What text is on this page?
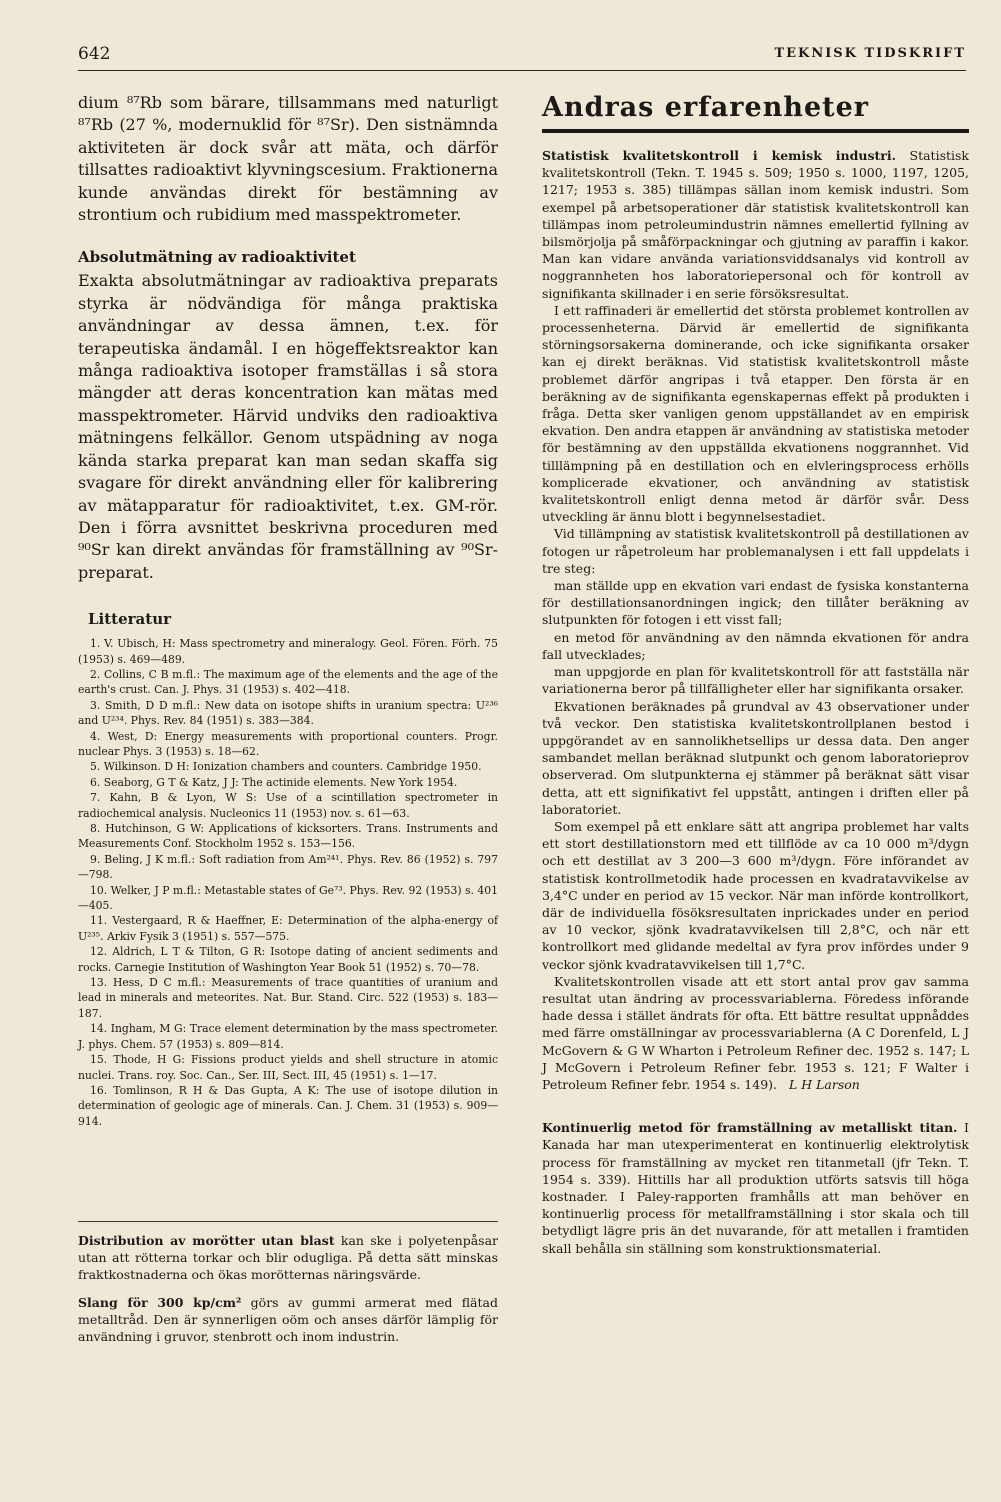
642	TEKNISK TIDSKRIFT

dium ⁸⁷Rb som bärare, tillsammans med naturligt ⁸⁷Rb (27 %, modernuklid för ⁸⁷Sr). Den sistnämnda aktiviteten är dock svår att mäta, och därför tillsattes radioaktivt klyvningscesium. Fraktionerna kunde användas direkt för bestämning av strontium och rubidium med masspektrometer.

Absolutmätning av radioaktivitet

Exakta absolutmätningar av radioaktiva preparats styrka är nödvändiga för många praktiska användningar av dessa ämnen, t.ex. för terapeutiska ändamål. I en högeffektsreaktor kan många radioaktiva isotoper framställas i så stora mängder att deras koncentration kan mätas med masspektrometer. Härvid undviks den radioaktiva mätningens felkällor. Genom utspädning av noga kända starka preparat kan man sedan skaffa sig svagare för direkt användning eller för kalibrering av mätapparatur för radioaktivitet, t.ex. GM-rör. Den i förra avsnittet beskrivna proceduren med ⁹⁰Sr kan direkt användas för framställning av ⁹⁰Sr-preparat.

Litteratur
1. V. Ubisch, H: Mass spectrometry and mineralogy. Geol. Fören. Förh. 75 (1953) s. 469—489.
2. Collins, C B m.fl.: The maximum age of the elements and the age of the earth's crust. Can. J. Phys. 31 (1953) s. 402—418.
3. Smith, D D m.fl.: New data on isotope shifts in uranium spectra: U²³⁶ and U²³⁴. Phys. Rev. 84 (1951) s. 383—384.
4. West, D: Energy measurements with proportional counters. Progr. nuclear Phys. 3 (1953) s. 18—62.
5. Wilkinson. D H: Ionization chambers and counters. Cambridge 1950.
6. Seaborg, G T & Katz, J J: The actinide elements. New York 1954.
7. Kahn, B & Lyon, W S: Use of a scintillation spectrometer in radiochemical analysis. Nucleonics 11 (1953) nov. s. 61—63.
8. Hutchinson, G W: Applications of kicksorters. Trans. Instruments and Measurements Conf. Stockholm 1952 s. 153—156.
9. Beling, J K m.fl.: Soft radiation from Am²⁴¹. Phys. Rev. 86 (1952) s. 797—798.
10. Welker, J P m.fl.: Metastable states of Ge⁷³. Phys. Rev. 92 (1953) s. 401—405.
11. Vestergaard, R & Haeffner, E: Determination of the alpha-energy of U²³⁵. Arkiv Fysik 3 (1951) s. 557—575.
12. Aldrich, L T & Tilton, G R: Isotope dating of ancient sediments and rocks. Carnegie Institution of Washington Year Book 51 (1952) s. 70—78.
13. Hess, D C m.fl.: Measurements of trace quantities of uranium and lead in minerals and meteorites. Nat. Bur. Stand. Circ. 522 (1953) s. 183—187.
14. Ingham, M G: Trace element determination by the mass spectrometer. J. phys. Chem. 57 (1953) s. 809—814.
15. Thode, H G: Fissions product yields and shell structure in atomic nuclei. Trans. roy. Soc. Can., Ser. III, Sect. III, 45 (1951) s. 1—17.
16. Tomlinson, R H & Das Gupta, A K: The use of isotope dilution in determination of geologic age of minerals. Can. J. Chem. 31 (1953) s. 909—914.

Distribution av morötter utan blast kan ske i polyetenpåsar utan att rötterna torkar och blir odugliga. På detta sätt minskas fraktkostnaderna och ökas morötternas näringsvärde.

Slang för 300 kp/cm² görs av gummi armerat med flätad metalltråd. Den är synnerligen oöm och anses därför lämplig för användning i gruvor, stenbrott och inom industrin.

Andras erfarenheter

Statistisk kvalitetskontroll i kemisk industri. Statistisk kvalitetskontroll (Tekn. T. 1945 s. 509; 1950 s. 1000, 1197, 1205, 1217; 1953 s. 385) tillämpas sällan inom kemisk industri. Som exempel på arbetsoperationer där statistisk kvalitetskontroll kan tillämpas inom petroleumindustrin nämnes emellertid fyllning av bilsmörjolja på småförpackningar och gjutning av paraffin i kakor. Man kan vidare använda variationsviddsanalys vid kontroll av noggrannheten hos laboratoriepersonal och för kontroll av signifikanta skillnader i en serie försöksresultat.

I ett raffinaderi är emellertid det största problemet kontrollen av processenheterna. Därvid är emellertid de signifikanta störningsorsakerna dominerande, och icke signifikanta orsaker kan ej direkt beräknas. Vid statistisk kvalitetskontroll måste problemet därför angripas i två etapper. Den första är en beräkning av de signifikanta egenskapernas effekt på produkten i fråga. Detta sker vanligen genom uppställandet av en empirisk ekvation. Den andra etappen är användning av statistiska metoder för bestämning av den uppställda ekvationens noggrannhet. Vid tilllämpning på en destillation och en elvleringsprocess erhölls komplicerade ekvationer, och användning av statistisk kvalitetskontroll enligt denna metod är därför svår. Dess utveckling är ännu blott i begynnelsestadiet.

Vid tillämpning av statistisk kvalitetskontroll på destillationen av fotogen ur råpetroleum har problemanalysen i ett fall uppdelats i tre steg:

man ställde upp en ekvation vari endast de fysiska konstanterna för destillationsanordningen ingick; den tillåter beräkning av slutpunkten för fotogen i ett visst fall;

en metod för användning av den nämnda ekvationen för andra fall utvecklades;

man uppgjorde en plan för kvalitetskontroll för att fastställa när variationerna beror på tillfälligheter eller har signifikanta orsaker.

Ekvationen beräknades på grundval av 43 observationer under två veckor. Den statistiska kvalitetskontrollplanen bestod i uppgörandet av en sannolikhetsellips ur dessa data. Den anger sambandet mellan beräknad slutpunkt och genom laboratorieprov observerad. Om slutpunkterna ej stämmer på beräknat sätt visar detta, att ett signifikativt fel uppstått, antingen i driften eller på laboratoriet.

Som exempel på ett enklare sätt att angripa problemet har valts ett stort destillationstorn med ett tillflöde av ca 10 000 m³/dygn och ett destillat av 3 200—3 600 m³/dygn. Före införandet av statistisk kontrollmetodik hade processen en kvadratavvikelse av 3,4°C under en period av 15 veckor. När man införde kontrollkort, där de individuella fösöksresultaten inprickades under en period av 10 veckor, sjönk kvadratavvikelsen till 2,8°C, och när ett kontrollkort med glidande medeltal av fyra prov infördes under 9 veckor sjönk kvadratavvikelsen till 1,7°C.

Kvalitetskontrollen visade att ett stort antal prov gav samma resultat utan ändring av processvariablerna. Föredess införande hade dessa i stället ändrats för ofta. Ett bättre resultat uppnåddes med färre omställningar av processvariablerna (A C Dorenfeld, L J McGovern & G W Wharton i Petroleum Refiner dec. 1952 s. 147; L J McGovern i Petroleum Refiner febr. 1953 s. 121; F Walter i Petroleum Refiner febr. 1954 s. 149). L H Larson

Kontinuerlig metod för framställning av metalliskt titan. I Kanada har man utexperimenterat en kontinuerlig elektrolytisk process för framställning av mycket ren titanmetall (jfr Tekn. T. 1954 s. 339). Hittills har all produktion utförts satsvis till höga kostnader. I Paley-rapporten framhålls att man behöver en kontinuerlig process för metallframställning i stor skala och till betydligt lägre pris än det nuvarande, för att metallen i framtiden skall behålla sin ställning som konstruktionsmaterial.
